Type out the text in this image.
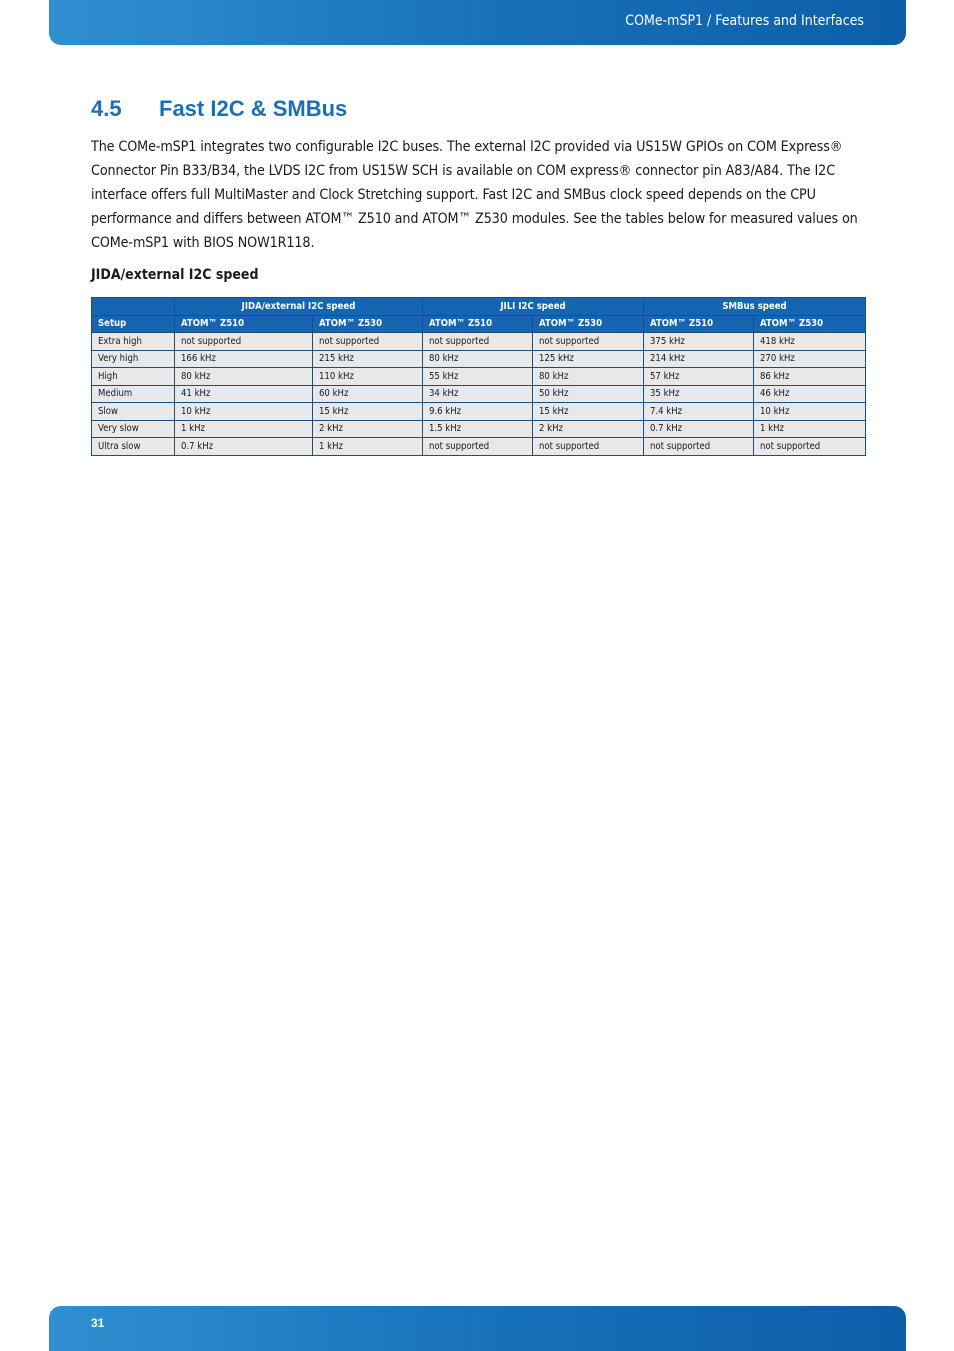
COMe-mSP1 / Features and Interfaces
4.5 Fast I2C & SMBus

The COMe-mSP1 integrates two configurable I2C buses. The external I2C provided via US15W GPIOs on COM Express® Connector Pin B33/B34, the LVDS I2C from US15W SCH is available on COM express® connector pin A83/A84. The I2C interface offers full MultiMaster and Clock Stretching support. Fast I2C and SMBus clock speed depends on the CPU performance and differs between ATOM™ Z510 and ATOM™ Z530 modules. See the tables below for measured values on COMe-mSP1 with BIOS NOW1R118.

JIDA/external I2C speed
	JIDA/external I2C speed		JILI I2C speed		SMBus speed	
Setup	ATOM™ Z510	ATOM™ Z530	ATOM™ Z510	ATOM™ Z530	ATOM™ Z510	ATOM™ Z530
Extra high	not supported	not supported	not supported	not supported	375 kHz	418 kHz
Very high	166 kHz	215 kHz	80 kHz	125 kHz	214 kHz	270 kHz
High	80 kHz	110 kHz	55 kHz	80 kHz	57 kHz	86 kHz
Medium	41 kHz	60 kHz	34 kHz	50 kHz	35 kHz	46 kHz
Slow	10 kHz	15 kHz	9.6 kHz	15 kHz	7.4 kHz	10 kHz
Very slow	1 kHz	2 kHz	1.5 kHz	2 kHz	0.7 kHz	1 kHz
Ultra slow	0.7 kHz	1 kHz	not supported	not supported	not supported	not supported
31
